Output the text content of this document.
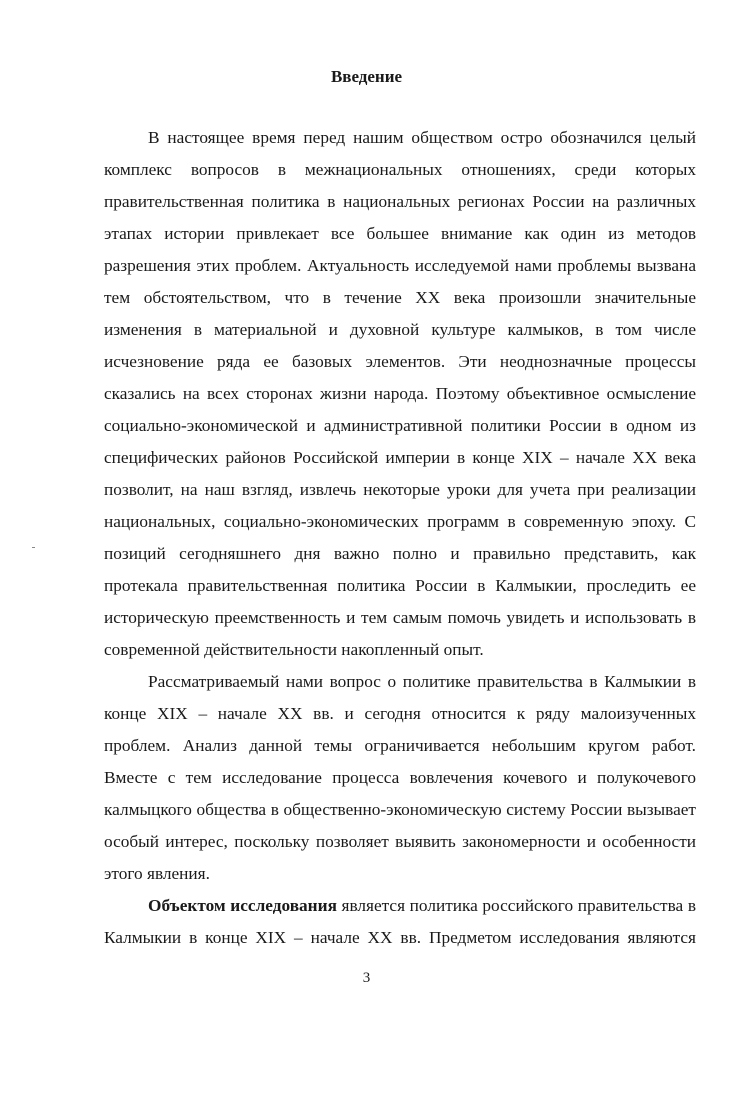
Введение
В настоящее время перед нашим обществом остро обозначился целый
комплекс вопросов в межнациональных отношениях, среди которых
правительственная политика в национальных регионах России на различных
этапах истории привлекает все большее внимание как один из методов
разрешения этих проблем. Актуальность исследуемой нами проблемы вызвана
тем обстоятельством, что в течение XX века произошли значительные
изменения в материальной и духовной культуре калмыков, в том числе
исчезновение ряда ее базовых элементов. Эти неоднозначные процессы
сказались на всех сторонах жизни народа. Поэтому объективное осмысление
социально-экономической и административной политики России в одном из
специфических районов Российской империи в конце XIX – начале XX века
позволит, на наш взгляд, извлечь некоторые уроки для учета при реализации
национальных, социально-экономических программ в современную эпоху. С
позиций сегодняшнего дня важно полно и правильно представить, как
протекала правительственная политика России в Калмыкии, проследить ее
историческую преемственность и тем самым помочь увидеть и использовать в
современной действительности накопленный опыт.
Рассматриваемый нами вопрос о политике правительства в Калмыкии в
конце XIX – начале XX вв. и сегодня относится к ряду малоизученных
проблем. Анализ данной темы ограничивается небольшим кругом работ.
Вместе с тем исследование процесса вовлечения кочевого и полукочевого
калмыцкого общества в общественно-экономическую систему России вызывает
особый интерес, поскольку позволяет выявить закономерности и особенности
этого явления.
Объектом исследования является политика российского правительства в
Калмыкии в конце XIX – начале XX вв. Предметом исследования являются
3
